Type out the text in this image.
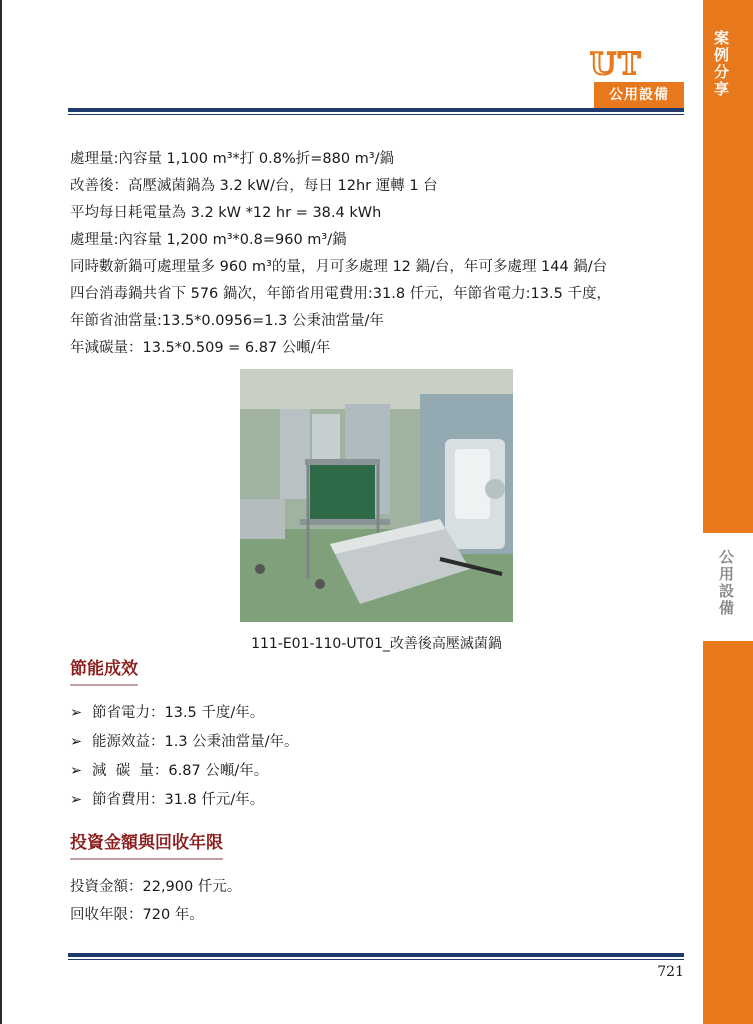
案例分享
公用設備
UT
公用設備
處理量:內容量 1,100 m³*打 0.8%折=880 m³/鍋
改善後：高壓滅菌鍋為 3.2 kW/台，每日 12hr 運轉 1 台
平均每日耗電量為 3.2 kW *12 hr = 38.4 kWh
處理量:內容量 1,200 m³*0.8=960 m³/鍋
同時數新鍋可處理量多 960 m³的量，月可多處理 12 鍋/台，年可多處理 144 鍋/台
四台消毒鍋共省下 576 鍋次，年節省用電費用:31.8 仟元，年節省電力:13.5 千度，
年節省油當量:13.5*0.0956=1.3 公秉油當量/年
年減碳量：13.5*0.509 = 6.87 公噸/年
111-E01-110-UT01_改善後高壓滅菌鍋
節能成效
➢ 節省電力：13.5 千度/年。
➢ 能源效益：1.3 公秉油當量/年。
➢ 減  碳  量：6.87 公噸/年。
➢ 節省費用：31.8 仟元/年。
投資金額與回收年限
投資金額：22,900 仟元。
回收年限：720 年。
721
